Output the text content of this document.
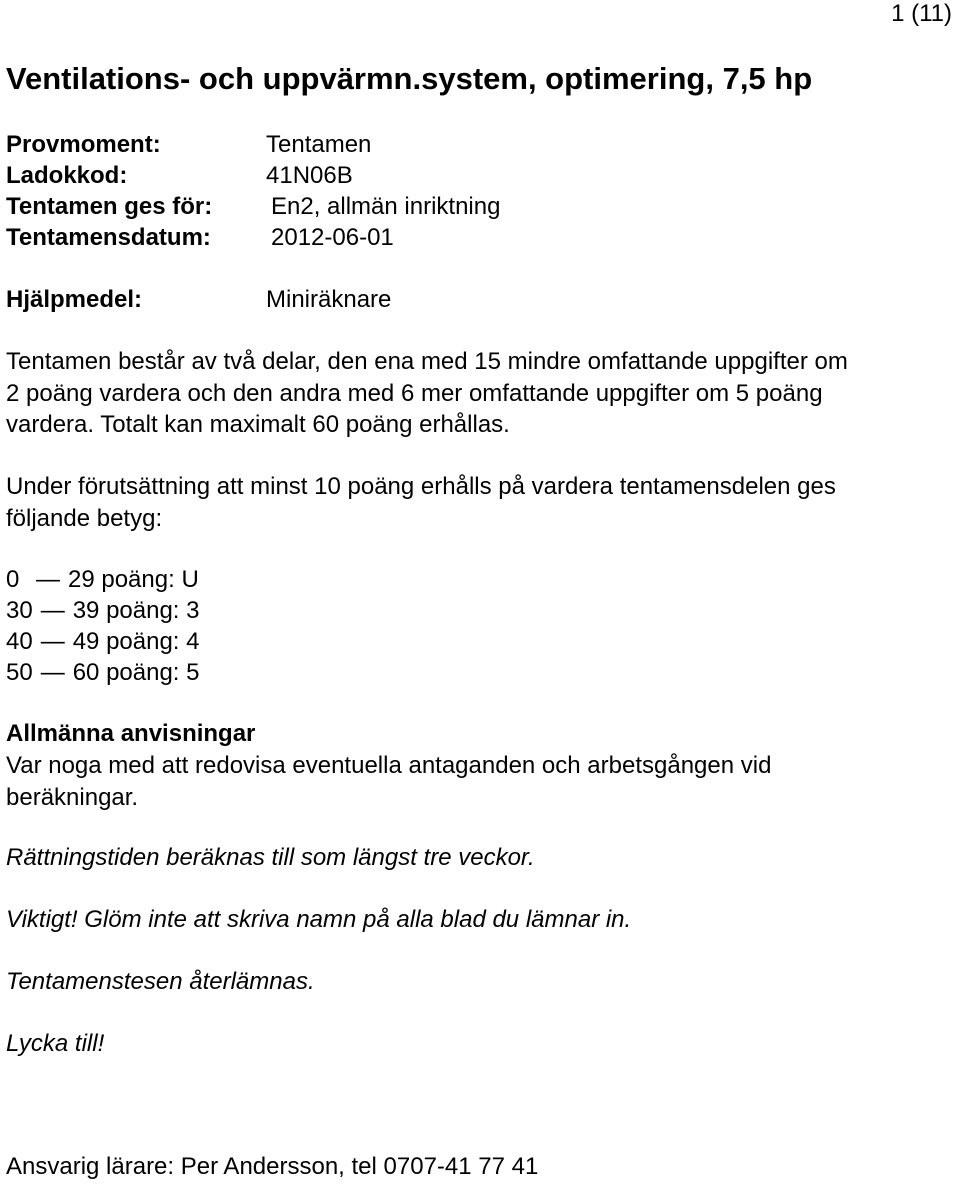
1 (11)
Ventilations- och uppvärmn.system, optimering, 7,5 hp
Provmoment:	Tentamen
Ladokkod:	41N06B
Tentamen ges för: En2, allmän inriktning
Tentamensdatum:	2012-06-01
Hjälpmedel:	Miniräknare
Tentamen består av två delar, den ena med 15 mindre omfattande uppgifter om
2 poäng vardera och den andra med 6 mer omfattande uppgifter om 5 poäng
vardera. Totalt kan maximalt 60 poäng erhållas.
Under förutsättning att minst 10 poäng erhålls på vardera tentamensdelen ges
följande betyg:
0 — 29 poäng: U
30 — 39 poäng: 3
40 — 49 poäng: 4
50 — 60 poäng: 5
Allmänna anvisningar
Var noga med att redovisa eventuella antaganden och arbetsgången vid
beräkningar.
Rättningstiden beräknas till som längst tre veckor.
Viktigt! Glöm inte att skriva namn på alla blad du lämnar in.
Tentamenstesen återlämnas.
Lycka till!
Ansvarig lärare: Per Andersson, tel 0707-41 77 41
